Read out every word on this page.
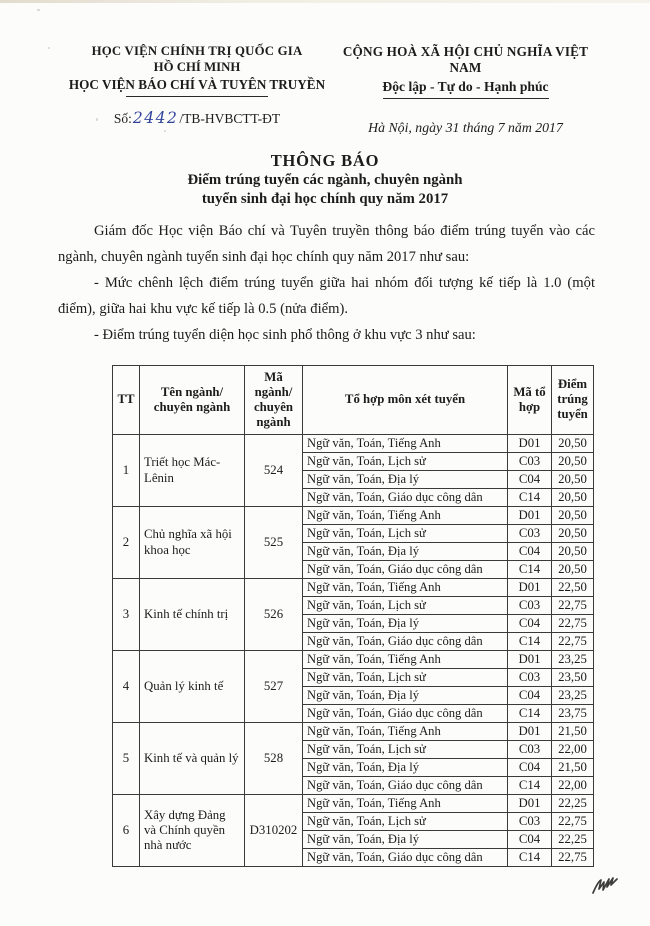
HỌC VIỆN CHÍNH TRỊ QUỐC GIA
HỒ CHÍ MINH
HỌC VIỆN BÁO CHÍ VÀ TUYÊN TRUYỀN
Số:2442/TB-HVBCTT-ĐT
CỘNG HOÀ XÃ HỘI CHỦ NGHĨA VIỆT NAM
Độc lập - Tự do - Hạnh phúc
Hà Nội, ngày 31 tháng 7 năm 2017
THÔNG BÁO
Điểm trúng tuyển các ngành, chuyên ngành
tuyển sinh đại học chính quy năm 2017

Giám đốc Học viện Báo chí và Tuyên truyền thông báo điểm trúng tuyển vào các ngành, chuyên ngành tuyển sinh đại học chính quy năm 2017 như sau:

- Mức chênh lệch điểm trúng tuyển giữa hai nhóm đối tượng kế tiếp là 1.0 (một điểm), giữa hai khu vực kế tiếp là 0.5 (nửa điểm).

- Điểm trúng tuyển diện học sinh phổ thông ở khu vực 3 như sau:

TT	Tên ngành/ chuyên ngành	Mã ngành/ chuyên ngành	Tổ hợp môn xét tuyển	Mã tổ hợp	Điểm trúng tuyển
1	Triết học Mác-Lênin	524	Ngữ văn, Toán, Tiếng Anh	D01	20,50
			Ngữ văn, Toán, Lịch sử	C03	20,50
			Ngữ văn, Toán, Địa lý	C04	20,50
			Ngữ văn, Toán, Giáo dục công dân	C14	20,50
2	Chủ nghĩa xã hội khoa học	525	Ngữ văn, Toán, Tiếng Anh	D01	20,50
			Ngữ văn, Toán, Lịch sử	C03	20,50
			Ngữ văn, Toán, Địa lý	C04	20,50
			Ngữ văn, Toán, Giáo dục công dân	C14	20,50
3	Kinh tế chính trị	526	Ngữ văn, Toán, Tiếng Anh	D01	22,50
			Ngữ văn, Toán, Lịch sử	C03	22,75
			Ngữ văn, Toán, Địa lý	C04	22,75
			Ngữ văn, Toán, Giáo dục công dân	C14	22,75
4	Quản lý kinh tế	527	Ngữ văn, Toán, Tiếng Anh	D01	23,25
			Ngữ văn, Toán, Lịch sử	C03	23,50
			Ngữ văn, Toán, Địa lý	C04	23,25
			Ngữ văn, Toán, Giáo dục công dân	C14	23,75
5	Kinh tế và quản lý	528	Ngữ văn, Toán, Tiếng Anh	D01	21,50
			Ngữ văn, Toán, Lịch sử	C03	22,00
			Ngữ văn, Toán, Địa lý	C04	21,50
			Ngữ văn, Toán, Giáo dục công dân	C14	22,00
6	Xây dựng Đảng và Chính quyền nhà nước	D310202	Ngữ văn, Toán, Tiếng Anh	D01	22,25
			Ngữ văn, Toán, Lịch sử	C03	22,75
			Ngữ văn, Toán, Địa lý	C04	22,25
			Ngữ văn, Toán, Giáo dục công dân	C14	22,75
